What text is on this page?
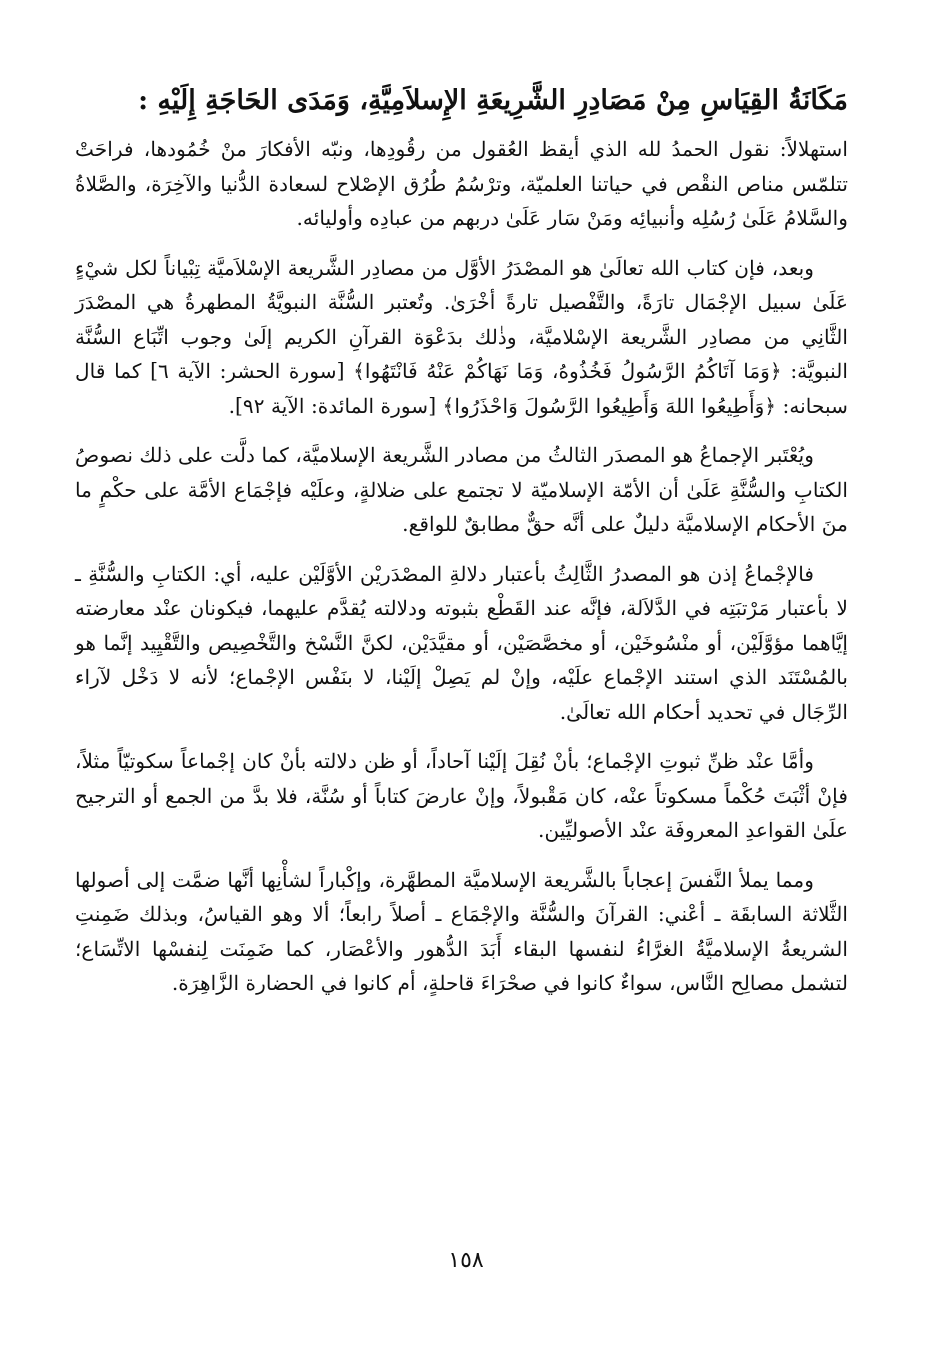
مَكَانَةُ القِيَاسِ مِنْ مَصَادِرِ الشَّرِيعَةِ الإِسلاَمِيَّةِ، وَمَدَى الحَاجَةِ إِلَيْهِ :

استهلالاً: نقول الحمدُ لله الذي أيقظ العُقول من رقُودِها، ونبّه الأفكارَ منْ خُمُودها، فراحَتْ تتلمّس مناص النقْص في حياتنا العلميّة، وترْسُمُ طُرُق الإصْلاح لسعادة الدُّنيا والآخِرَة، والصَّلاةُ والسَّلامُ عَلَىٰ رُسُلِه وأنبيائِه ومَنْ سَار عَلَىٰ دربهم من عبادِه وأوليائه.

وبعد، فإن كتاب الله تعالَىٰ هو المصْدَرُ الأوَّل من مصادِر الشَّريعة الإسْلاَميَّة تِبْياناً لكل شيْءٍ عَلَىٰ سبيل الإجْمَال تارَةً، والتَّفْصيل تارةً أخْرَىٰ. وتُعتبر السُّنَّة النبويَّةُ المطهرةُ هي المصْدَرَ الثَّانِي من مصادِر الشَّريعة الإسْلاميَّة، وذٰلك بدَعْوَة القرآنِ الكريم إلَىٰ وجوب اتِّبَاع السُّنَّة النبويَّة: ﴿وَمَا آتَاكُمُ الرَّسُولُ فَخُذُوهُ، وَمَا نَهَاكُمْ عَنْهُ فَانْتَهُوا﴾ [سورة الحشر: الآية ٦] كما قال سبحانه: ﴿وَأَطِيعُوا اللهَ وَأَطِيعُوا الرَّسُولَ وَاحْذَرُوا﴾ [سورة المائدة: الآية ٩٢].

ويُعْتَبر الإجماعُ هو المصدَر الثالثُ من مصادر الشَّريعة الإسلاميَّة، كما دلَّت على ذلك نصوصُ الكتابِ والسُّنَّةِ عَلَىٰ أن الأمّة الإسلاميّة لا تجتمع على ضلالةٍ، وعلَيْه فإجْمَاع الأمَّة على حكْمٍ ما منَ الأحكام الإسلاميَّة دليلٌ على أنَّه حقٌّ مطابقٌ للواقع.

فالإجْماعُ إذن هو المصدرُ الثَّالِثُ بأعتبار دلالةِ المصْدَريْن الأوَّلَيْن عليه، أي: الكتابِ والسُّنَّةِ ـ لا بأعتبار مَرْتبَتِه في الدَّلاَلة، فإنَّه عند القَطْع بثبوته ودلالته يُقدَّم عليهما، فيكونان عنْد معارضته إيَّاهما مؤوَّلَيْن، أو منْسُوخَيْن، أو مخصَّصَيْن، أو مقيَّدَيْن، لكنَّ النَّسْخ والتَّخْصِيص والتَّقْيِيد إنَّما هو بالمُسْتَنَد الذي استند الإجْماع علَيْه، وإنْ لم يَصِلْ إلَيْنا، لا بنَفْس الإجْماع؛ لأنه لا دَخْل لآراء الرِّجَال في تحديد أحكام الله تعالَىٰ.

وأمَّا عنْد ظنِّ ثبوتِ الإجْماع؛ بأنْ نُقِلَ إلَيْنا آحاداً، أو ظن دلالته بأنْ كان إجْماعاً سكوتيّاً مثلاً، فإنْ أثْبَتَ حُكْماً مسكوتاً عنْه، كان مَقْبولاً، وإنْ عارضَ كتاباً أو سُنَّة، فلا بدَّ من الجمع أو الترجيح علَىٰ القواعدِ المعروفَة عنْد الأصوليِّين.

ومما يملأ النَّفسَ إعجاباً بالشَّريعة الإسلاميَّة المطهَّرة، وإكْباراً لشأْنِها أنَّها ضمَّت إلى أصولها الثَّلاثة السابقَة ـ أعْني: القرآنَ والسُّنَّة والإجْمَاع ـ أصلاً رابعاً؛ ألا وهو القياسُ، وبذلك ضَمِنتِ الشريعةُ الإسلاميَّةُ الغرَّاءُ لنفسها البقاء أَبَدَ الدُّهور والأعْصَار، كما ضَمِنَت لِنفسْها الاتِّسَاع؛ لتشمل مصالِح النَّاس، سواءٌ كانوا في صحْرَاءَ قاحلةٍ، أم كانوا في الحضارة الزَّاهِرَة.

١٥٨
